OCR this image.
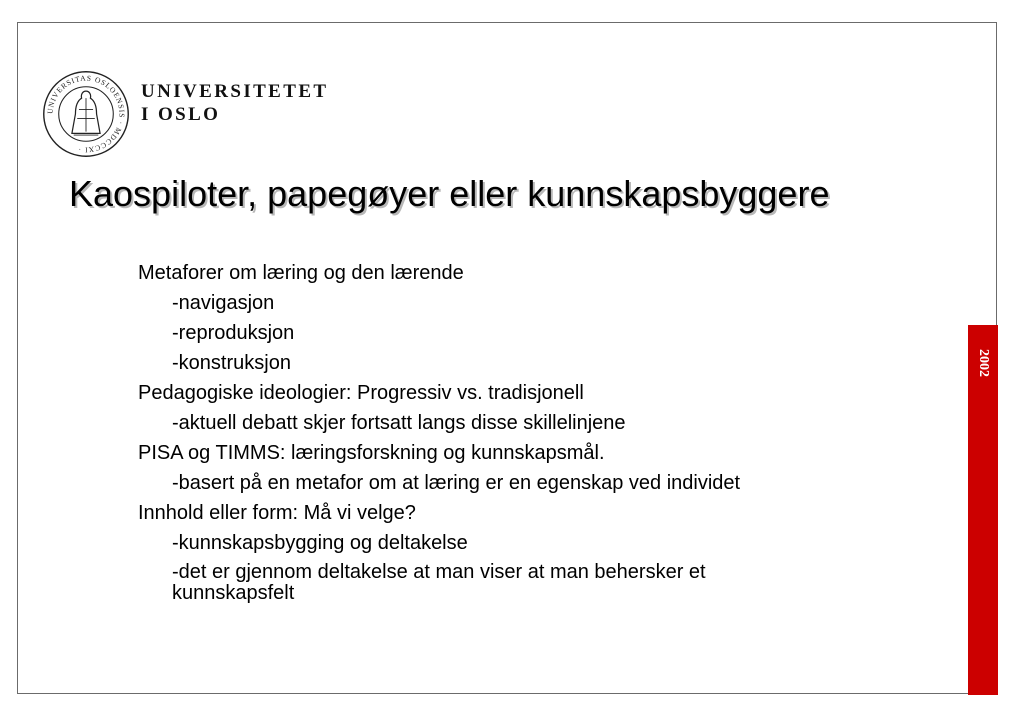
UNIVERSITAS OSLOENSIS · MDCCCXI ·
UNIVERSITETET
I OSLO
Kaospiloter, papegøyer eller kunnskapsbyggere
Metaforer om læring og den lærende
-navigasjon
-reproduksjon
-konstruksjon
Pedagogiske ideologier: Progressiv vs. tradisjonell
-aktuell debatt skjer fortsatt langs disse skillelinjene
PISA og TIMMS: læringsforskning og kunnskapsmål.
-basert på en metafor om at læring er en egenskap ved individet
Innhold eller form: Må vi velge?
-kunnskapsbygging og deltakelse
-det er gjennom deltakelse at man viser at man behersker et kunnskapsfelt
2002
